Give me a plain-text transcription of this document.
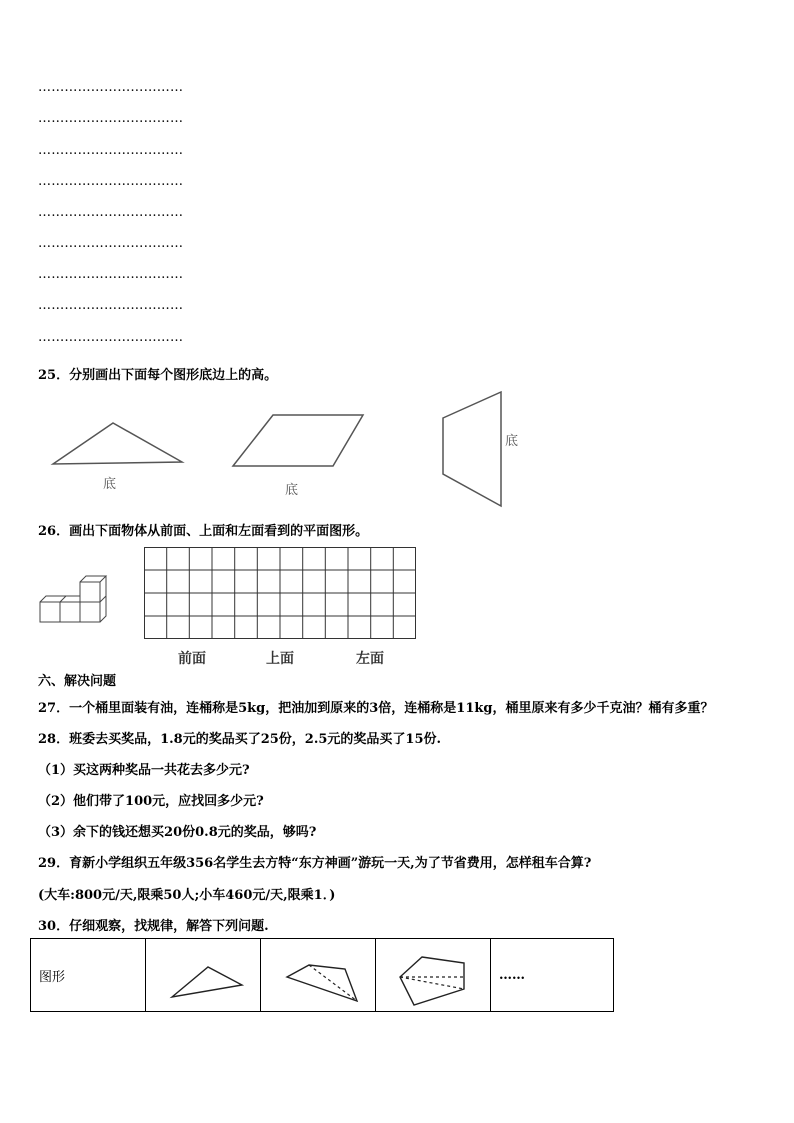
……………………………
……………………………
……………………………
……………………………
……………………………
……………………………
……………………………
……………………………
……………………………
25．分别画出下面每个图形底边上的高。
底	底
底
26．画出下面物体从前面、上面和左面看到的平面图形。
前面	上面	左面
六、解决问题
27．一个桶里面装有油，连桶称是5kg，把油加到原来的3倍，连桶称是11kg，桶里原来有多少千克油？桶有多重？
28．班委去买奖品，1.8元的奖品买了25份，2.5元的奖品买了15份.
（1）买这两种奖品一共花去多少元?
（2）他们带了100元，应找回多少元?
（3）余下的钱还想买20份0.8元的奖品，够吗?
29．育新小学组织五年级356名学生去方特“东方神画”游玩一天,为了节省费用，怎样租车合算?
(大车:800元/天,限乘50人;小车460元/天,限乘1．)
30．仔细观察，找规律，解答下列问题.
图形				……
